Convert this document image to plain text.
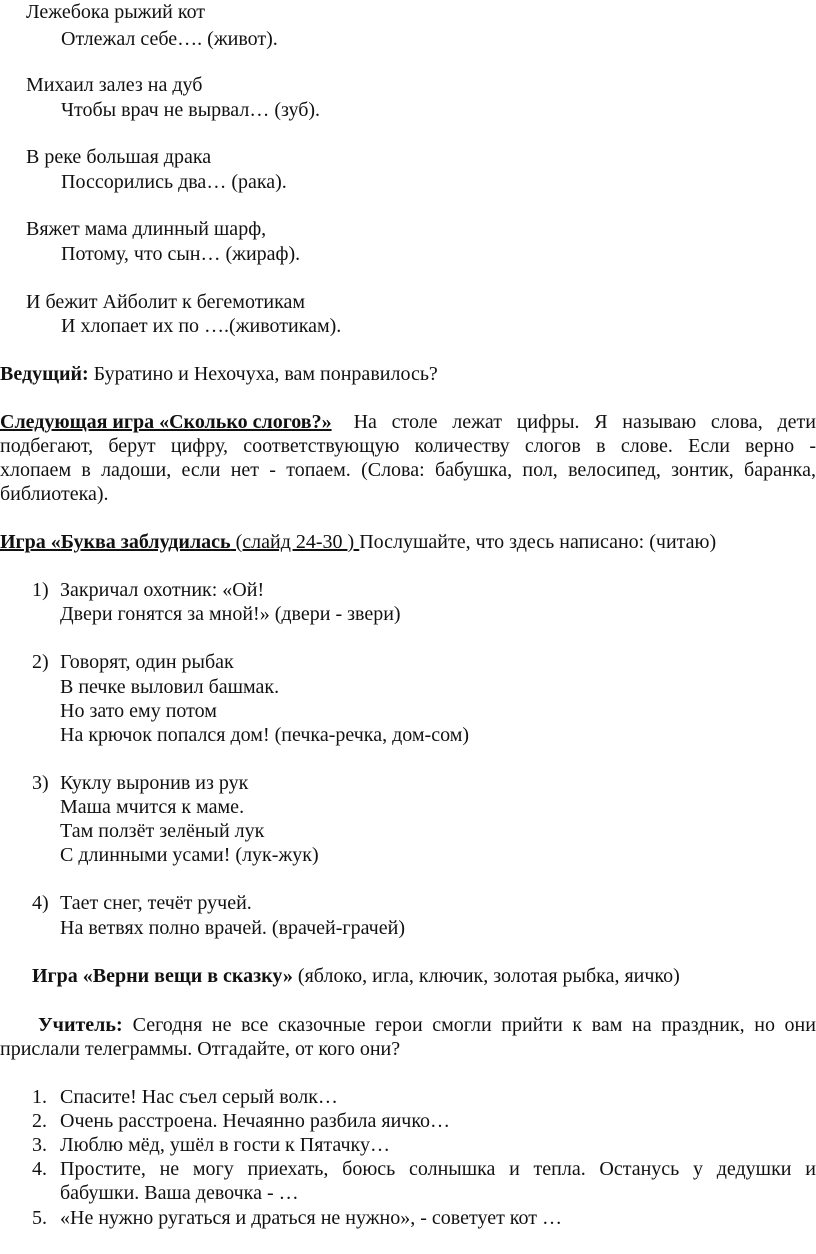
Лежебока рыжий кот
Отлежал себе…. (живот).
Михаил залез на дуб
Чтобы врач не вырвал… (зуб).
В реке большая драка
Поссорились два… (рака).
Вяжет мама длинный шарф,
Потому, что сын… (жираф).
И бежит Айболит к бегемотикам
И хлопает их по ….(животикам).
Ведущий: Буратино и Нехочуха, вам понравилось?
Следующая игра «Сколько слогов?» На столе лежат цифры. Я называю слова, дети
подбегают, берут цифру, соответствующую количеству слогов в слове. Если верно -
хлопаем в ладоши, если нет - топаем. (Слова: бабушка, пол, велосипед, зонтик, баранка,
библиотека).
Игра «Буква заблудилась (слайд 24-30 ) Послушайте, что здесь написано: (читаю)
1) Закричал охотник: «Ой!
Двери гонятся за мной!» (двери - звери)
2) Говорят, один рыбак
В печке выловил башмак.
Но зато ему потом
На крючок попался дом! (печка-речка, дом-сом)
3) Куклу выронив из рук
Маша мчится к маме.
Там ползёт зелёный лук
С длинными усами! (лук-жук)
4) Тает снег, течёт ручей.
На ветвях полно врачей. (врачей-грачей)
Игра «Верни вещи в сказку» (яблоко, игла, ключик, золотая рыбка, яичко)
Учитель: Сегодня не все сказочные герои смогли прийти к вам на праздник, но они
прислали телеграммы. Отгадайте, от кого они?
1. Спасите! Нас съел серый волк…
2. Очень расстроена. Нечаянно разбила яичко…
3. Люблю мёд, ушёл в гости к Пятачку…
4. Простите, не могу приехать, боюсь солнышка и тепла. Останусь у дедушки и
бабушки. Ваша девочка - …
5. «Не нужно ругаться и драться не нужно», - советует кот …
